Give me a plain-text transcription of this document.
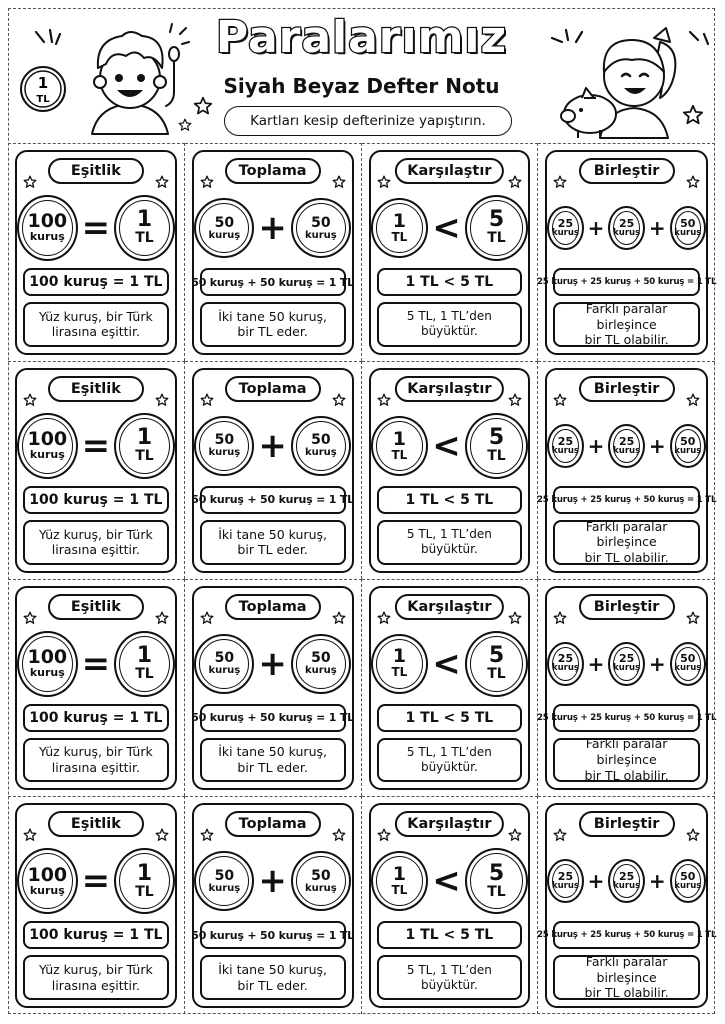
1
TL
Paralarımız
Siyah Beyaz Defter Notu
Kartları kesip defterinize yapıştırın.
Eşitlik
100
kuruş = 1
TL
100 kuruş = 1 TL
Yüz kuruş, bir Türk
lirasına eşittir.
Toplama
50
kuruş + 50
kuruş
50 kuruş + 50 kuruş = 1 TL
İki tane 50 kuruş,
bir TL eder.
Karşılaştır
1
TL < 5
TL
1 TL < 5 TL
5 TL, 1 TL’den büyüktür.
Birleştir
25
kuruş + 25
kuruş + 50
kuruş
25 kuruş + 25 kuruş + 50 kuruş = 1 TL
Farklı paralar birleşince
bir TL olabilir.
Eşitlik
100
kuruş = 1
TL
100 kuruş = 1 TL
Yüz kuruş, bir Türk
lirasına eşittir.
Toplama
50
kuruş + 50
kuruş
50 kuruş + 50 kuruş = 1 TL
İki tane 50 kuruş,
bir TL eder.
Karşılaştır
1
TL < 5
TL
1 TL < 5 TL
5 TL, 1 TL’den büyüktür.
Birleştir
25
kuruş + 25
kuruş + 50
kuruş
25 kuruş + 25 kuruş + 50 kuruş = 1 TL
Farklı paralar birleşince
bir TL olabilir.
Eşitlik
100
kuruş = 1
TL
100 kuruş = 1 TL
Yüz kuruş, bir Türk
lirasına eşittir.
Toplama
50
kuruş + 50
kuruş
50 kuruş + 50 kuruş = 1 TL
İki tane 50 kuruş,
bir TL eder.
Karşılaştır
1
TL < 5
TL
1 TL < 5 TL
5 TL, 1 TL’den büyüktür.
Birleştir
25
kuruş + 25
kuruş + 50
kuruş
25 kuruş + 25 kuruş + 50 kuruş = 1 TL
Farklı paralar birleşince
bir TL olabilir.
Eşitlik
100
kuruş = 1
TL
100 kuruş = 1 TL
Yüz kuruş, bir Türk
lirasına eşittir.
Toplama
50
kuruş + 50
kuruş
50 kuruş + 50 kuruş = 1 TL
İki tane 50 kuruş,
bir TL eder.
Karşılaştır
1
TL < 5
TL
1 TL < 5 TL
5 TL, 1 TL’den büyüktür.
Birleştir
25
kuruş + 25
kuruş + 50
kuruş
25 kuruş + 25 kuruş + 50 kuruş = 1 TL
Farklı paralar birleşince
bir TL olabilir.
